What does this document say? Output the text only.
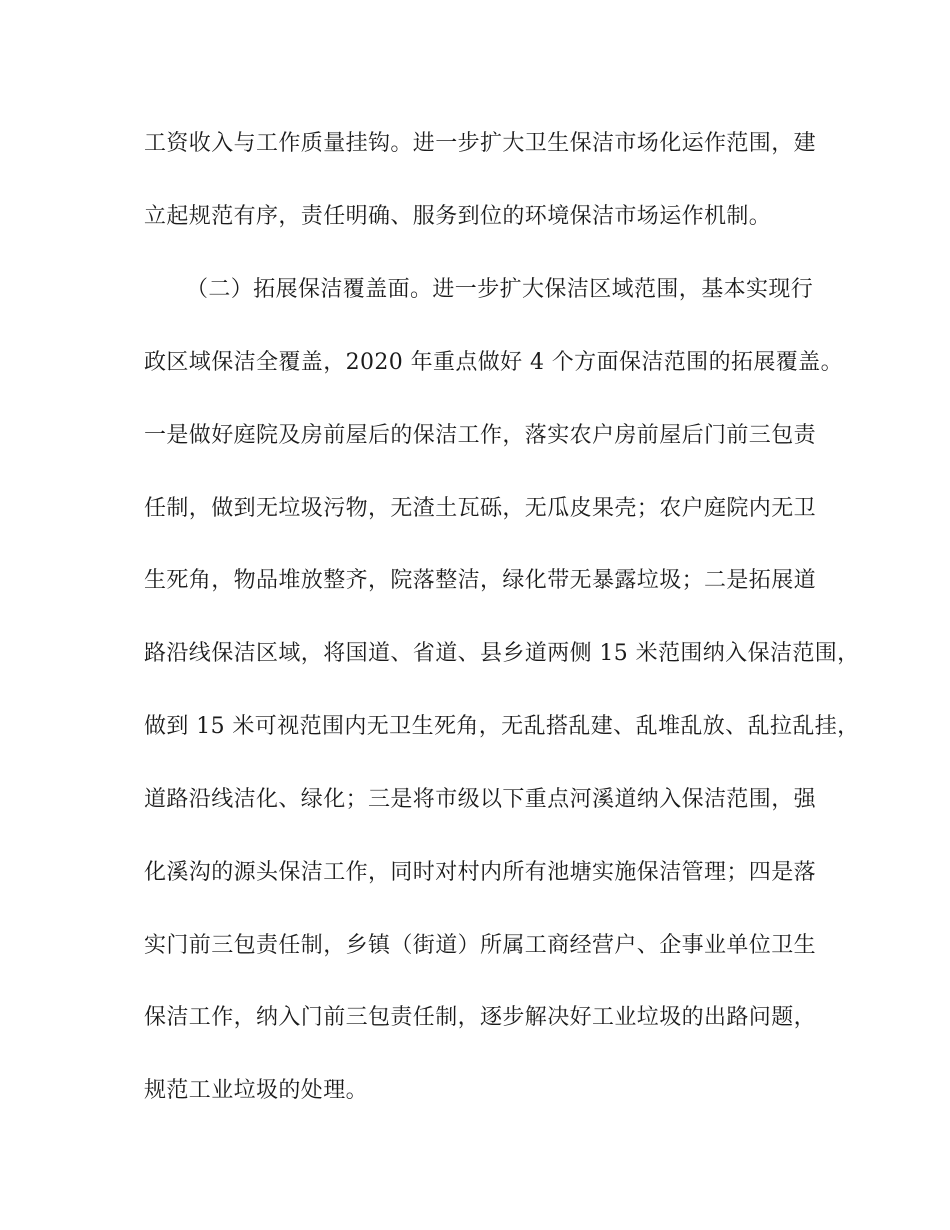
工资收入与工作质量挂钩。进一步扩大卫生保洁市场化运作范围，建
立起规范有序，责任明确、服务到位的环境保洁市场运作机制。
（二）拓展保洁覆盖面。进一步扩大保洁区域范围，基本实现行
政区域保洁全覆盖，2020 年重点做好 4 个方面保洁范围的拓展覆盖。
一是做好庭院及房前屋后的保洁工作，落实农户房前屋后门前三包责
任制，做到无垃圾污物，无渣土瓦砾，无瓜皮果壳；农户庭院内无卫
生死角，物品堆放整齐，院落整洁，绿化带无暴露垃圾；二是拓展道
路沿线保洁区域，将国道、省道、县乡道两侧 15 米范围纳入保洁范围，
做到 15 米可视范围内无卫生死角，无乱搭乱建、乱堆乱放、乱拉乱挂，
道路沿线洁化、绿化；三是将市级以下重点河溪道纳入保洁范围，强
化溪沟的源头保洁工作，同时对村内所有池塘实施保洁管理；四是落
实门前三包责任制，乡镇（街道）所属工商经营户、企事业单位卫生
保洁工作，纳入门前三包责任制，逐步解决好工业垃圾的出路问题，
规范工业垃圾的处理。
